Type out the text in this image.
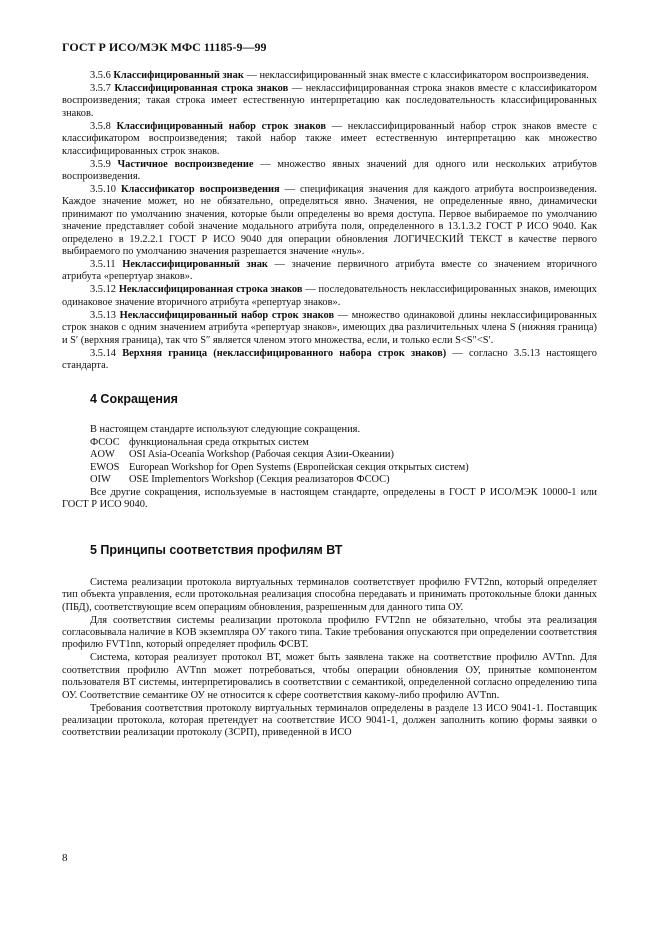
ГОСТ Р ИСО/МЭК МФС 11185-9—99

3.5.6 Классифицированный знак — неклассифицированный знак вместе с классификатором воспроизведения.

3.5.7 Классифицированная строка знаков — неклассифицированная строка знаков вместе с классификатором воспроизведения; такая строка имеет естественную интерпретацию как последовательность классифицированных знаков.

3.5.8 Классифицированный набор строк знаков — неклассифицированный набор строк знаков вместе с классификатором воспроизведения; такой набор также имеет естественную интерпретацию как множество классифицированных строк знаков.

3.5.9 Частичное воспроизведение — множество явных значений для одного или нескольких атрибутов воспроизведения.

3.5.10 Классификатор воспроизведения — спецификация значения для каждого атрибута воспроизведения. Каждое значение может, но не обязательно, определяться явно. Значения, не определенные явно, динамически принимают по умолчанию значения, которые были определены во время доступа. Первое выбираемое по умолчанию значение представляет собой значение модального атрибута поля, определенного в 13.1.3.2 ГОСТ Р ИСО 9040. Как определено в 19.2.2.1 ГОСТ Р ИСО 9040 для операции обновления ЛОГИЧЕСКИЙ ТЕКСТ в качестве первого выбираемого по умолчанию значения разрешается значение «нуль».

3.5.11 Неклассифицированный знак — значение первичного атрибута вместе со значением вторичного атрибута «репертуар знаков».

3.5.12 Неклассифицированная строка знаков — последовательность неклассифицированных знаков, имеющих одинаковое значение вторичного атрибута «репертуар знаков».

3.5.13 Неклассифицированный набор строк знаков — множество одинаковой длины неклассифицированных строк знаков с одним значением атрибута «репертуар знаков», имеющих два различительных члена S (нижняя граница) и S′ (верхняя граница), так что S″ является членом этого множества, если, и только если S<S″<S′.

3.5.14 Верхняя граница (неклассифицированного набора строк знаков) — согласно 3.5.13 настоящего стандарта.

4 Сокращения

В настоящем стандарте используют следующие сокращения.

ФСОС функциональная среда открытых систем
AOW	OSI Asia-Oceania Workshop (Рабочая секция Азии-Океании)
EWOS European Workshop for Open Systems (Европейская секция открытых систем)
OIW	OSE Implementors Workshop (Секция реализаторов ФСОС)

Все другие сокращения, используемые в настоящем стандарте, определены в ГОСТ Р ИСО/МЭК 10000-1 или ГОСТ Р ИСО 9040.

5 Принципы соответствия профилям ВТ

Система реализации протокола виртуальных терминалов соответствует профилю FVT2nn, который определяет тип объекта управления, если протокольная реализация способна передавать и принимать протокольные блоки данных (ПБД), соответствующие всем операциям обновления, разрешенным для данного типа ОУ.

Для соответствия системы реализации протокола профилю FVT2nn не обязательно, чтобы эта реализация согласовывала наличие в КОВ экземпляра ОУ такого типа. Такие требования опускаются при определении соответствия профилю FVT1nn, который определяет профиль ФСВТ.

Система, которая реализует протокол ВТ, может быть заявлена также на соответствие профилю AVTnn. Для соответствия профилю AVTnn может потребоваться, чтобы операции обновления ОУ, принятые компонентом пользователя ВТ системы, интерпретировались в соответствии с семантикой, определенной согласно определению типа ОУ. Соответствие семантике ОУ не относится к сфере соответствия какому-либо профилю AVTnn.

Требования соответствия протоколу виртуальных терминалов определены в разделе 13 ИСО 9041-1. Поставщик реализации протокола, которая претендует на соответствие ИСО 9041-1, должен заполнить копию формы заявки о соответствии реализации протоколу (ЗСРП), приведенной в ИСО

8
